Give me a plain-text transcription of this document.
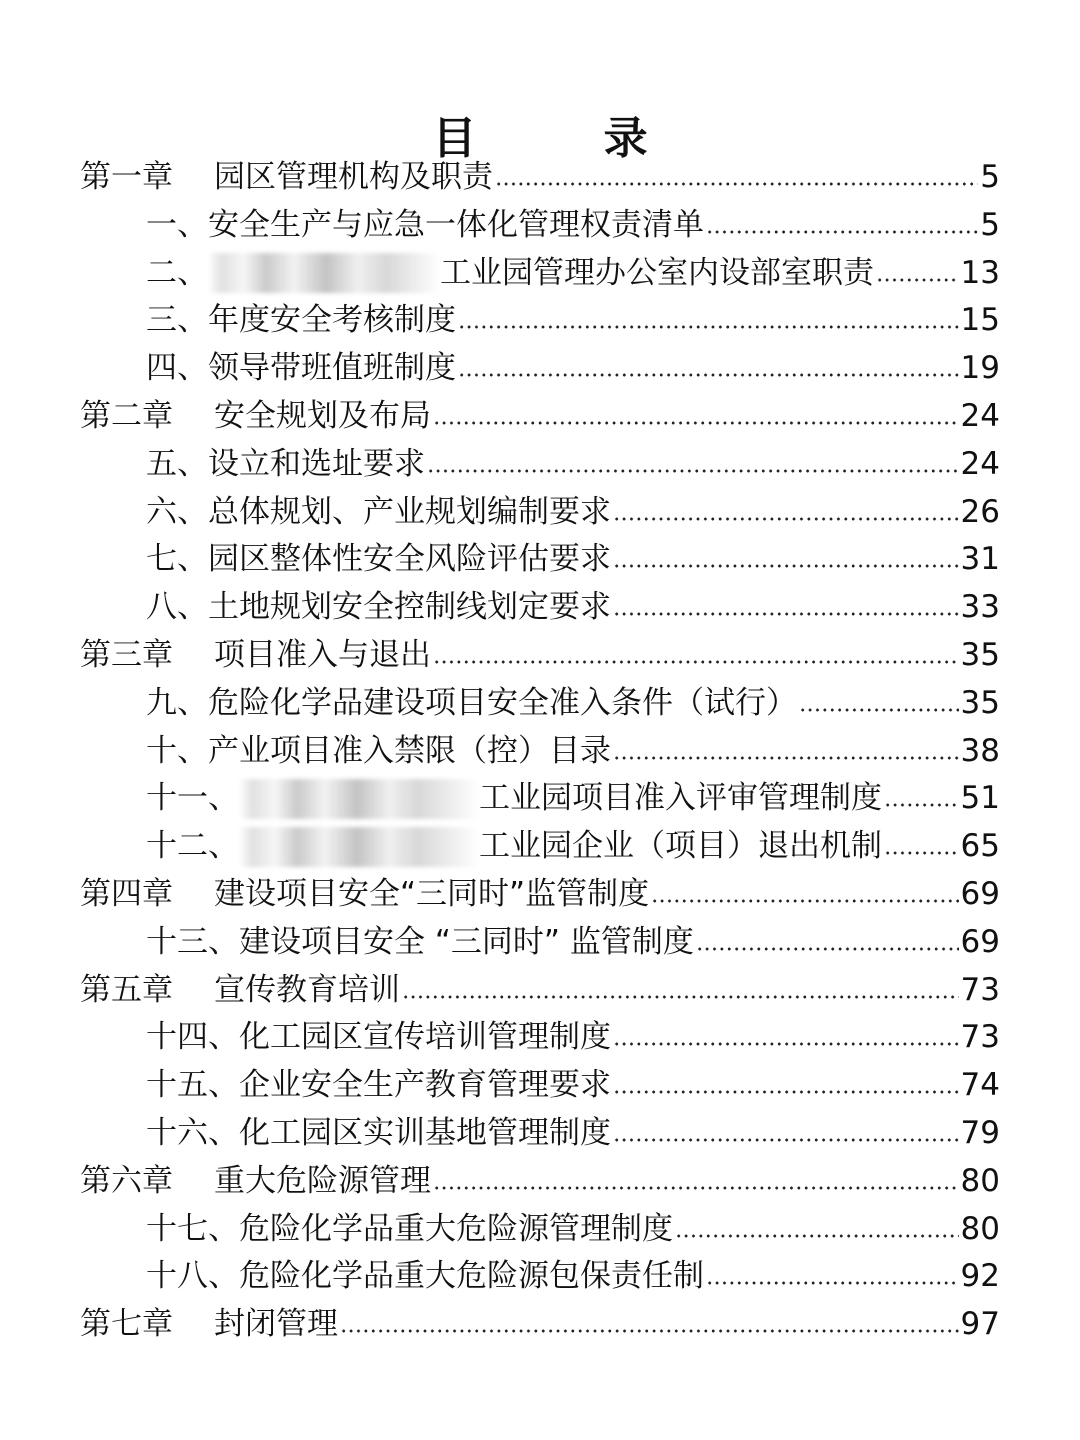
目 录
第一章	园区管理机构及职责	5
一、 安全生产与应急一体化管理权责清单	5
二、	工业园管理办公室内设部室职责	13
三、 年度安全考核制度	15
四、 领导带班值班制度	19
第二章	安全规划及布局	24
五、 设立和选址要求	24
六、 总体规划、产业规划编制要求	26
七、 园区整体性安全风险评估要求	31
八、 土地规划安全控制线划定要求	33
第三章	项目准入与退出	35
九、 危险化学品建设项目安全准入条件（试行）	35
十、 产业项目准入禁限（控）目录	38
十一、	工业园项目准入评审管理制度	51
十二、	工业园企业（项目）退出机制	65
第四章	建设项目安全“三同时”监管制度	69
十三、 建设项目安全 “三同时” 监管制度	69
第五章	宣传教育培训	73
十四、 化工园区宣传培训管理制度	73
十五、 企业安全生产教育管理要求	74
十六、 化工园区实训基地管理制度	79
第六章	重大危险源管理	80
十七、 危险化学品重大危险源管理制度	80
十八、 危险化学品重大危险源包保责任制	92
第七章	封闭管理	97
